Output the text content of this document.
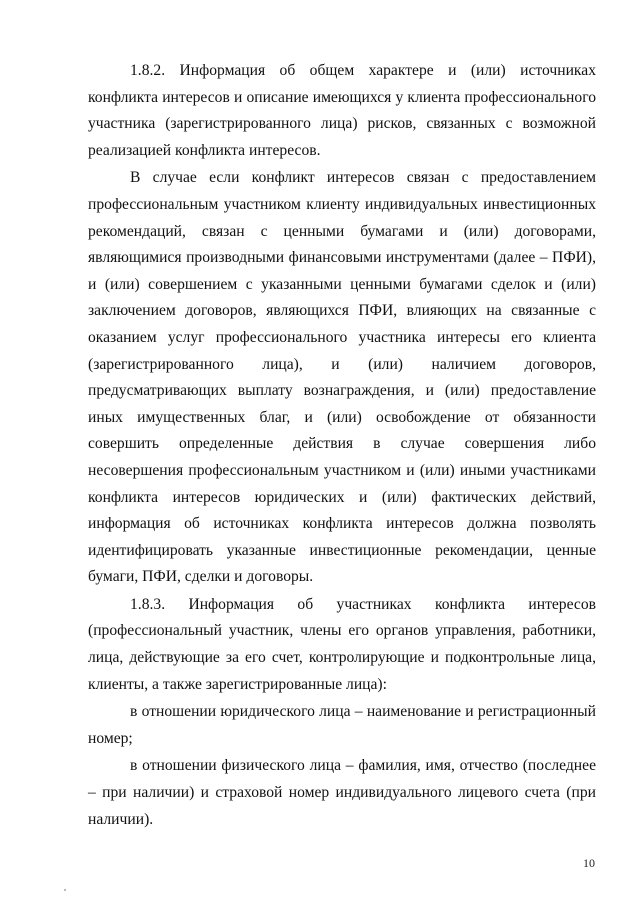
1.8.2. Информация об общем характере и (или) источниках конфликта интересов и описание имеющихся у клиента профессионального участника (зарегистрированного лица) рисков, связанных с возможной реализацией конфликта интересов.

В случае если конфликт интересов связан с предоставлением профессиональным участником клиенту индивидуальных инвестиционных рекомендаций, связан с ценными бумагами и (или) договорами, являющимися производными финансовыми инструментами (далее – ПФИ), и (или) совершением с указанными ценными бумагами сделок и (или) заключением договоров, являющихся ПФИ, влияющих на связанные с оказанием услуг профессионального участника интересы его клиента (зарегистрированного лица), и (или) наличием договоров, предусматривающих выплату вознаграждения, и (или) предоставление иных имущественных благ, и (или) освобождение от обязанности совершить определенные действия в случае совершения либо несовершения профессиональным участником и (или) иными участниками конфликта интересов юридических и (или) фактических действий, информация об источниках конфликта интересов должна позволять идентифицировать указанные инвестиционные рекомендации, ценные бумаги, ПФИ, сделки и договоры.

1.8.3. Информация об участниках конфликта интересов (профессиональный участник, члены его органов управления, работники, лица, действующие за его счет, контролирующие и подконтрольные лица, клиенты, а также зарегистрированные лица):

в отношении юридического лица – наименование и регистрационный номер;

в отношении физического лица – фамилия, имя, отчество (последнее – при наличии) и страховой номер индивидуального лицевого счета (при наличии).

10
